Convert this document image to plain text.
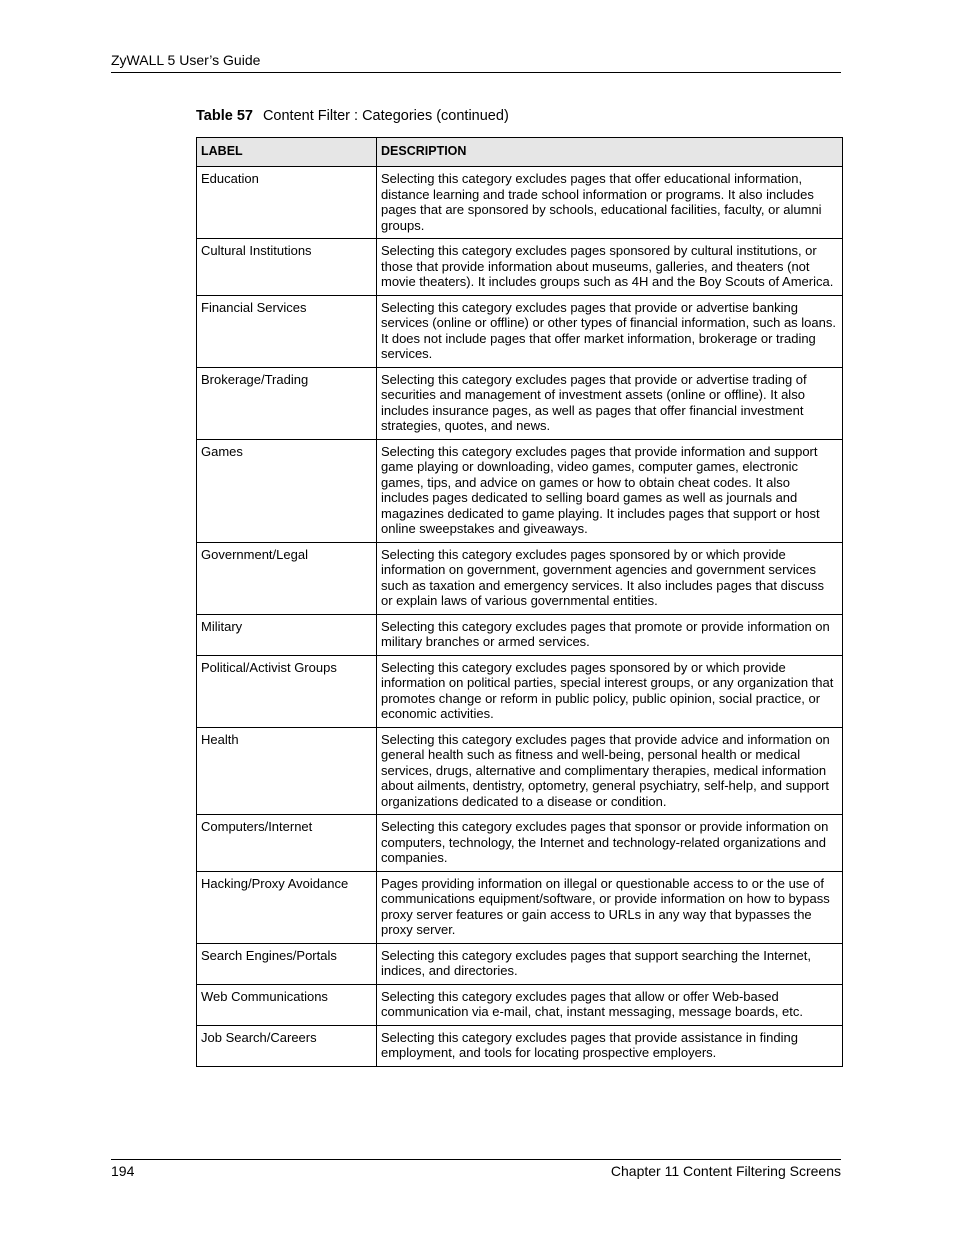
ZyWALL 5 User’s Guide
Table 57 Content Filter : Categories (continued)
LABEL	DESCRIPTION
Education	Selecting this category excludes pages that offer educational information, distance learning and trade school information or programs. It also includes pages that are sponsored by schools, educational facilities, faculty, or alumni groups.
Cultural Institutions	Selecting this category excludes pages sponsored by cultural institutions, or those that provide information about museums, galleries, and theaters (not movie theaters). It includes groups such as 4H and the Boy Scouts of America.
Financial Services	Selecting this category excludes pages that provide or advertise banking services (online or offline) or other types of financial information, such as loans. It does not include pages that offer market information, brokerage or trading services.
Brokerage/Trading	Selecting this category excludes pages that provide or advertise trading of securities and management of investment assets (online or offline). It also includes insurance pages, as well as pages that offer financial investment strategies, quotes, and news.
Games	Selecting this category excludes pages that provide information and support game playing or downloading, video games, computer games, electronic games, tips, and advice on games or how to obtain cheat codes. It also includes pages dedicated to selling board games as well as journals and magazines dedicated to game playing. It includes pages that support or host online sweepstakes and giveaways.
Government/Legal	Selecting this category excludes pages sponsored by or which provide information on government, government agencies and government services such as taxation and emergency services. It also includes pages that discuss or explain laws of various governmental entities.
Military	Selecting this category excludes pages that promote or provide information on military branches or armed services.
Political/Activist Groups	Selecting this category excludes pages sponsored by or which provide information on political parties, special interest groups, or any organization that promotes change or reform in public policy, public opinion, social practice, or economic activities.
Health	Selecting this category excludes pages that provide advice and information on general health such as fitness and well-being, personal health or medical services, drugs, alternative and complimentary therapies, medical information about ailments, dentistry, optometry, general psychiatry, self-help, and support organizations dedicated to a disease or condition.
Computers/Internet	Selecting this category excludes pages that sponsor or provide information on computers, technology, the Internet and technology-related organizations and companies.
Hacking/Proxy Avoidance	Pages providing information on illegal or questionable access to or the use of communications equipment/software, or provide information on how to bypass proxy server features or gain access to URLs in any way that bypasses the proxy server.
Search Engines/Portals	Selecting this category excludes pages that support searching the Internet, indices, and directories.
Web Communications	Selecting this category excludes pages that allow or offer Web-based communication via e-mail, chat, instant messaging, message boards, etc.
Job Search/Careers	Selecting this category excludes pages that provide assistance in finding employment, and tools for locating prospective employers.
194	Chapter 11 Content Filtering Screens
